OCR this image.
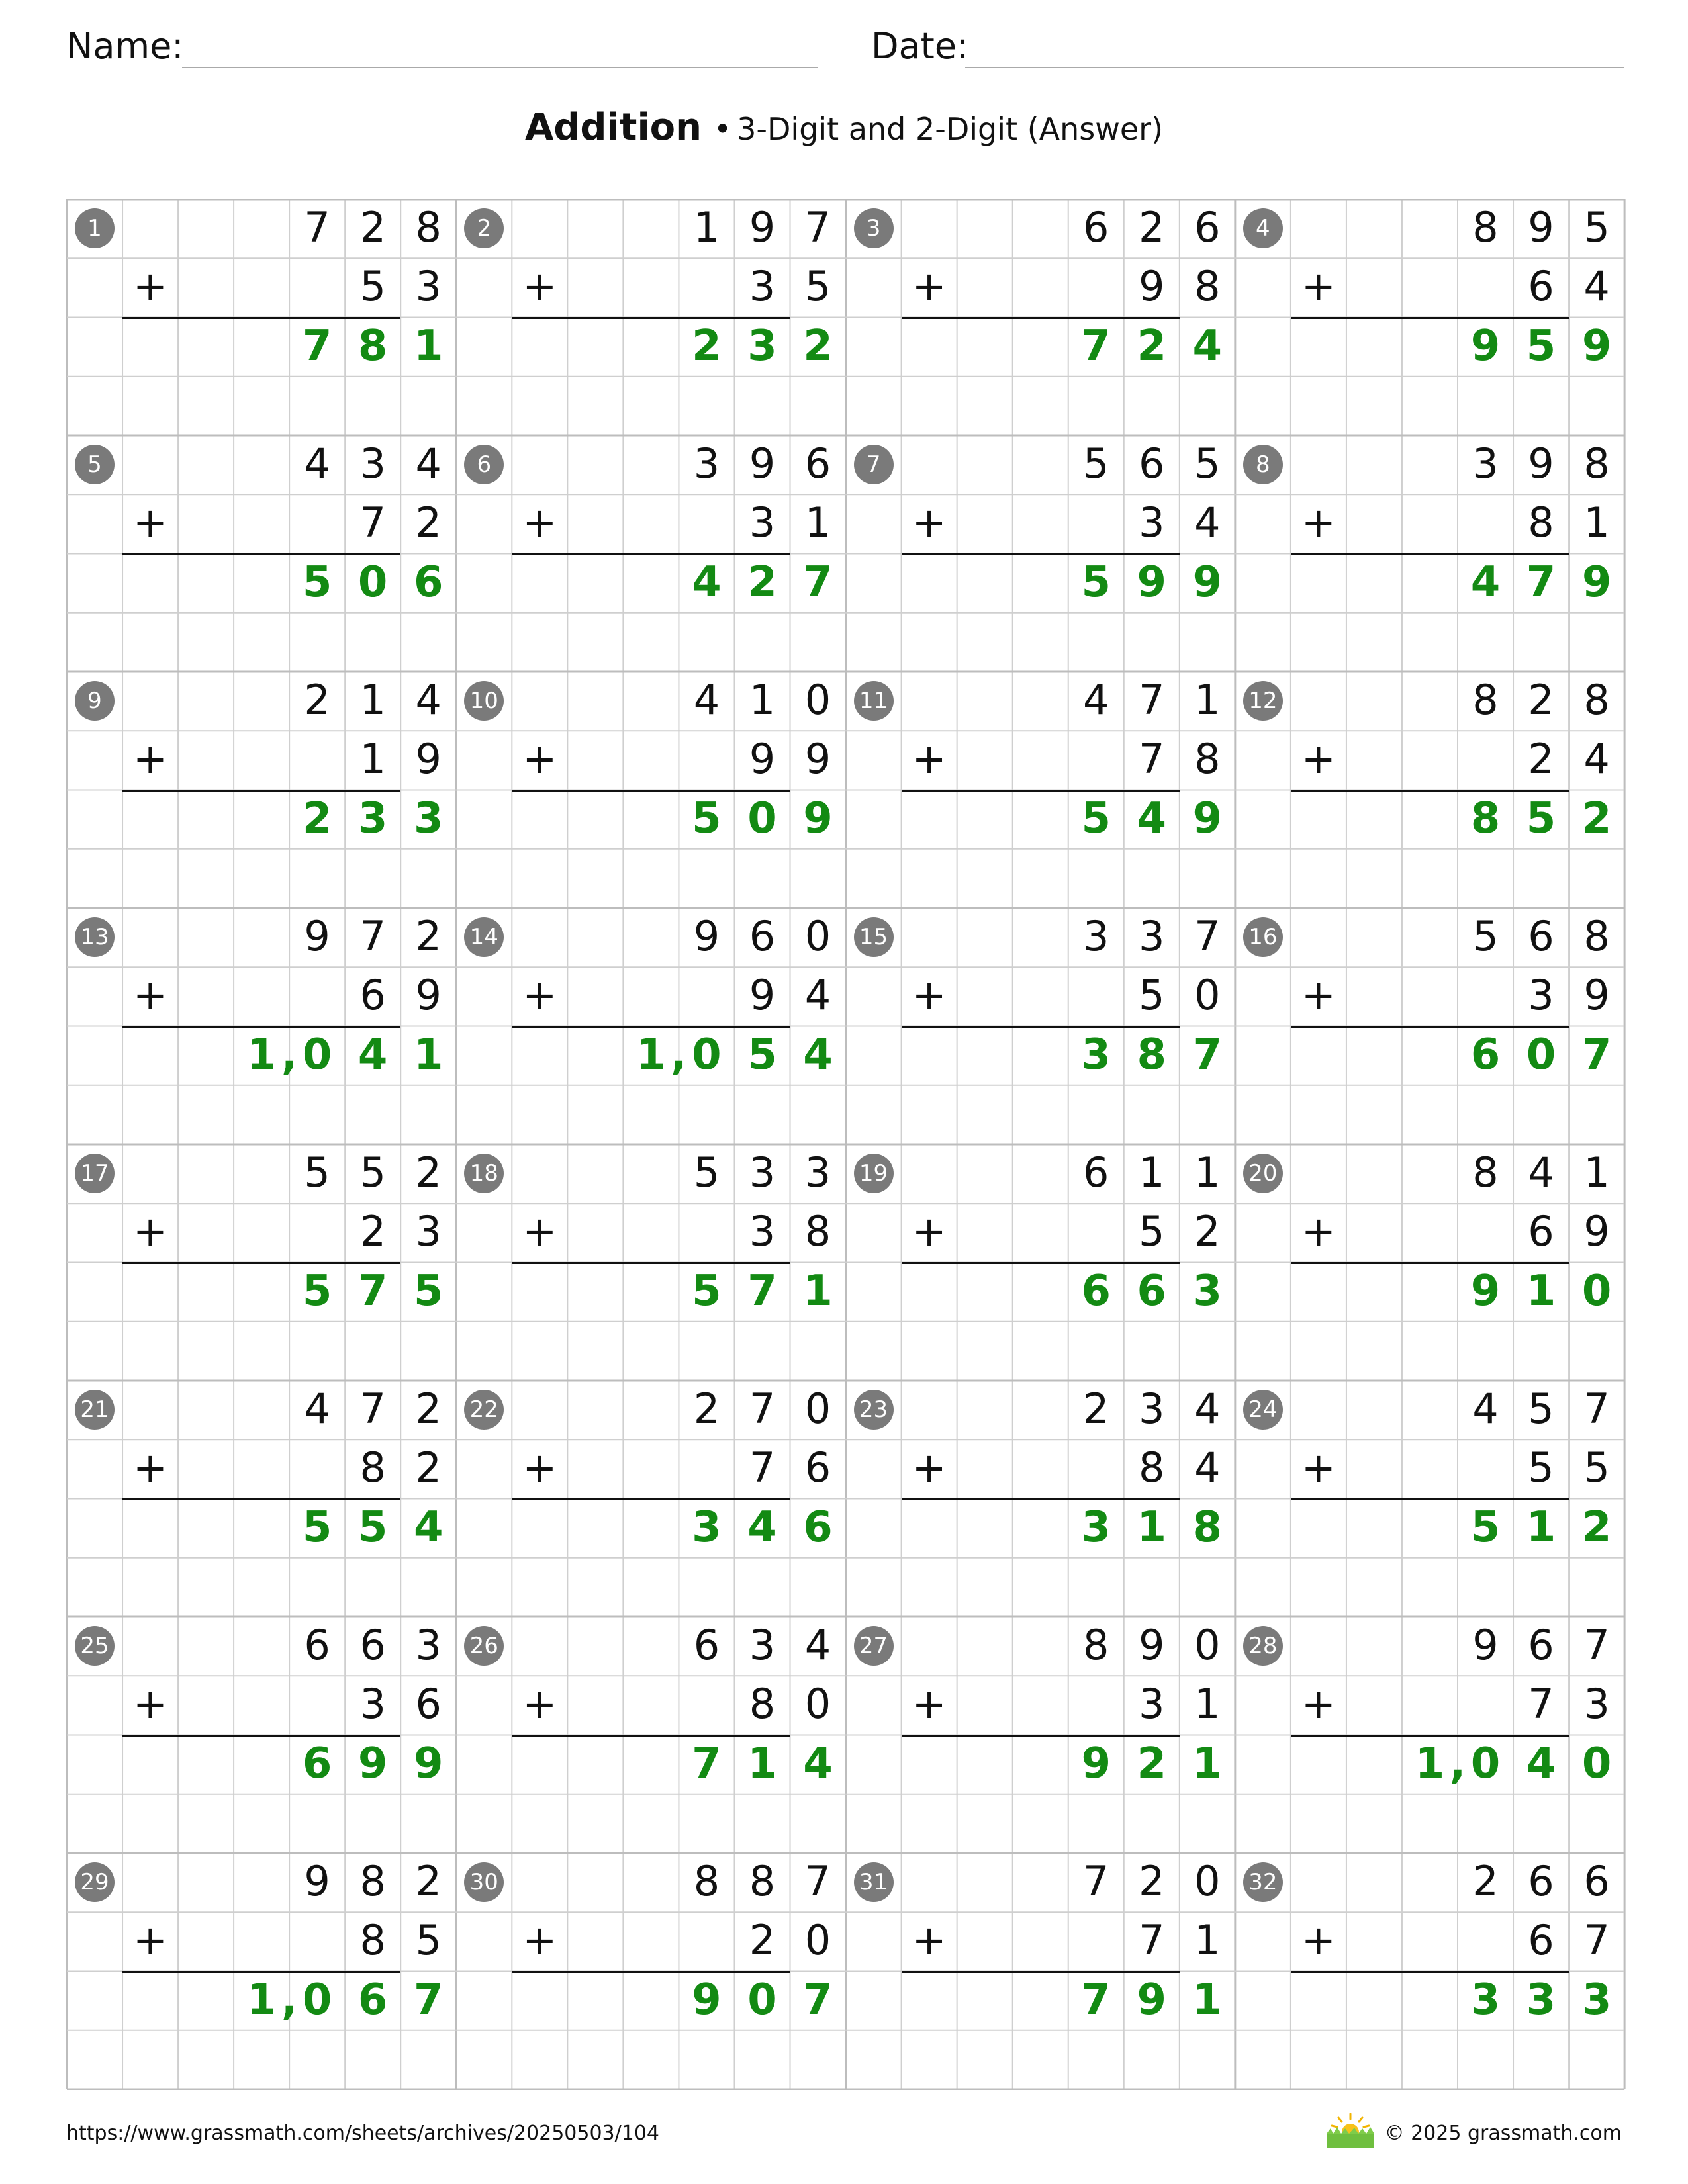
Name:	Date:
Addition • 3-Digit and 2-Digit (Answer)
1	7 2 8
+	5 3
7 8 1
2	1 9 7
+	3 5
2 3 2
3	6 2 6
+	9 8
7 2 4
4	8 9 5
+	6 4
9 5 9
5	4 3 4
+	7 2
5 0 6
6	3 9 6
+	3 1
4 2 7
7	5 6 5
+	3 4
5 9 9
8	3 9 8
+	8 1
4 7 9
9	2 1 4
+	1 9
2 3 3
10	4 1 0
+	9 9
5 0 9
11	4 7 1
+	7 8
5 4 9
12	8 2 8
+	2 4
8 5 2
13	9 7 2
+	6 9
1 0 4 1
,
14	9 6 0
+	9 4
1 0 5 4
,
15	3 3 7
+	5 0
3 8 7
16	5 6 8
+	3 9
6 0 7
17	5 5 2
+	2 3
5 7 5
18	5 3 3
+	3 8
5 7 1
19	6 1 1
+	5 2
6 6 3
20	8 4 1
+	6 9
9 1 0
21	4 7 2
+	8 2
5 5 4
22	2 7 0
+	7 6
3 4 6
23	2 3 4
+	8 4
3 1 8
24	4 5 7
+	5 5
5 1 2
25	6 6 3
+	3 6
6 9 9
26	6 3 4
+	8 0
7 1 4
27	8 9 0
+	3 1
9 2 1
28	9 6 7
+	7 3
1 0 4 0
,
29	9 8 2
+	8 5
1 0 6 7
,
30	8 8 7
+	2 0
9 0 7
31	7 2 0
+	7 1
7 9 1
32	2 6 6
+	6 7
3 3 3
https://www.grassmath.com/sheets/archives/20250503/104	© 2025 grassmath.com
